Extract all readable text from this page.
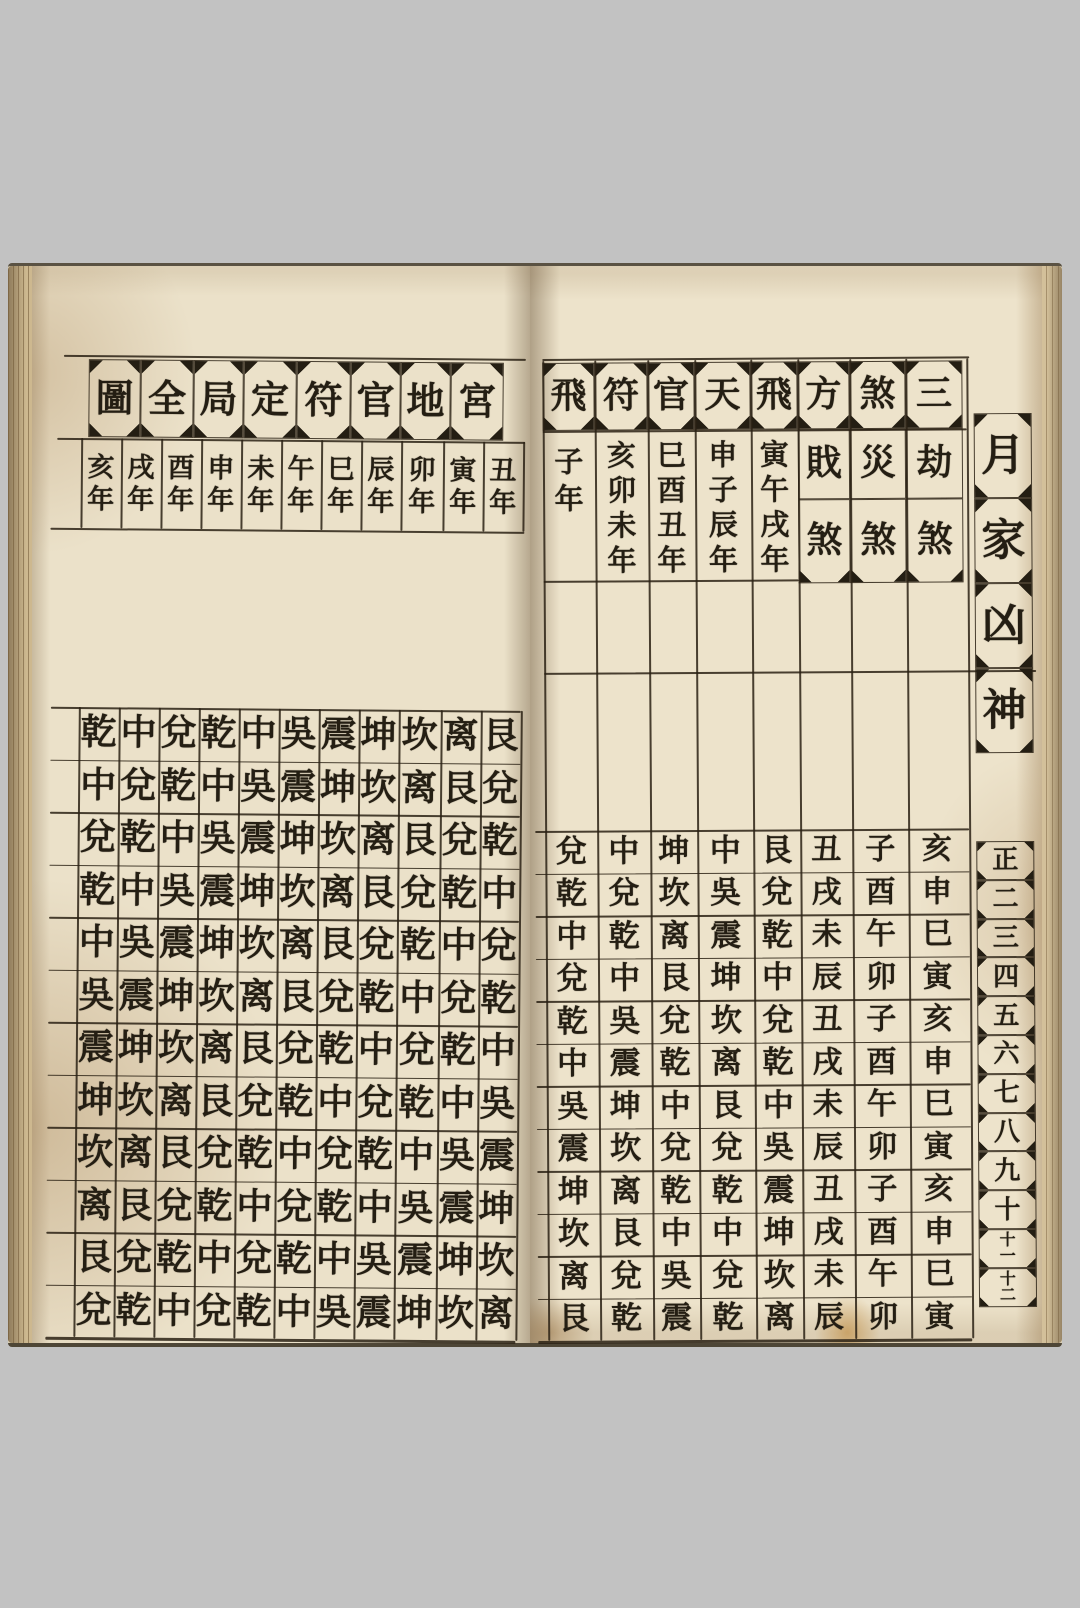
圖 全 局 定 符 官 地 宮
丑
年
艮
兌
乾
中
兌
乾
中
吳
震
坤
坎
离
寅
年
离
艮
兌
乾
中
兌
乾
中
吳
震
坤
坎
卯
年
坎
离
艮
兌
乾
中
兌
乾
中
吳
震
坤
辰
年
坤
坎
离
艮
兌
乾
中
兌
乾
中
吳
震
巳
年
震
坤
坎
离
艮
兌
乾
中
兌
乾
中
吳
午
年
吳
震
坤
坎
离
艮
兌
乾
中
兌
乾
中
未
年
中
吳
震
坤
坎
离
艮
兌
乾
中
兌
乾
申
年
乾
中
吳
震
坤
坎
离
艮
兌
乾
中
兌
酉
年
兌
乾
中
吳
震
坤
坎
离
艮
兌
乾
中
戌
年
中
兌
乾
中
吳
震
坤
坎
离
艮
兌
乾
亥
年
乾
中
兌
乾
中
吳
震
坤
坎
离
艮
兌
三
煞
方
飛
天
官
符
飛
劫
煞
亥
申
巳
寅
亥
申
巳
寅
亥
申
巳
寅
災
煞
子
酉
午
卯
子
酉
午
卯
子
酉
午
卯
戝
煞
丑
戌
未
辰
丑
戌
未
辰
丑
戌
未
辰
寅
午
戌
年
艮
兌
乾
中
兌
乾
中
吳
震
坤
坎
离
申
子
辰
年
中
吳
震
坤
坎
离
艮
兌
乾
中
兌
乾
巳
酉
丑
年
坤
坎
离
艮
兌
乾
中
兌
乾
中
吳
震
亥
卯
未
年
中
兌
乾
中
吳
震
坤
坎
离
艮
兌
乾
子
年
兌
乾
中
兌
乾
中
吳
震
坤
坎
离
艮
月
家
凶
神
正
二
三
四
五
六
七
八
九
十
十
一
十
二
